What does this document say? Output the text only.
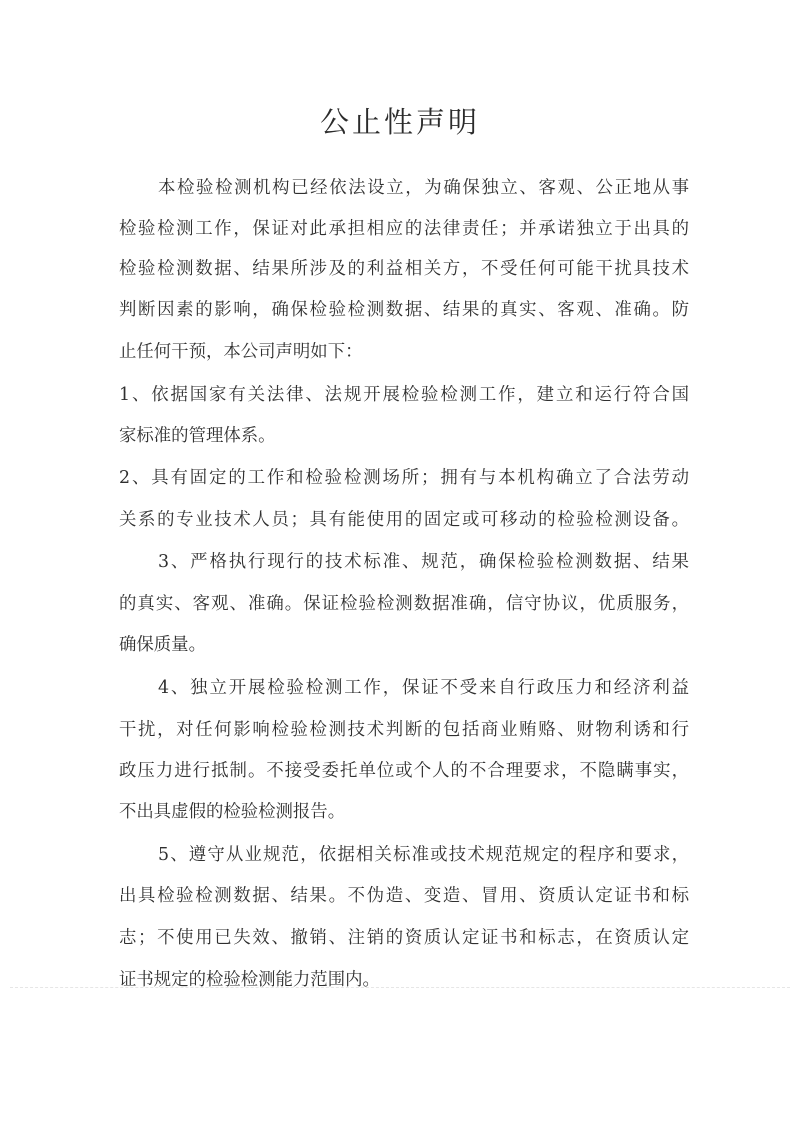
公止性声明

本检验检测机构已经依法设立，为确保独立、客观、公正地从事

检验检测工作，保证对此承担相应的法律责任；并承诺独立于出具的

检验检测数据、结果所涉及的利益相关方，不受任何可能干扰具技术

判断因素的影响，确保检验检测数据、结果的真实、客观、准确。防

止任何干预，本公司声明如下：

1、依据国家有关法律、法规开展检验检测工作，建立和运行符合国

家标准的管理体系。

2、具有固定的工作和检验检测场所；拥有与本机构确立了合法劳动

关系的专业技术人员；具有能使用的固定或可移动的检验检测设备。

3、严格执行现行的技术标准、规范，确保检验检测数据、结果

的真实、客观、准确。保证检验检测数据准确，信守协议，优质服务，

确保质量。

4、独立开展检验检测工作，保证不受来自行政压力和经济利益

干扰，对任何影响检验检测技术判断的包括商业贿赂、财物利诱和行

政压力进行抵制。不接受委托单位或个人的不合理要求，不隐瞒事实，

不出具虚假的检验检测报告。

5、遵守从业规范，依据相关标准或技术规范规定的程序和要求，

出具检验检测数据、结果。不伪造、变造、冒用、资质认定证书和标

志；不使用已失效、撤销、注销的资质认定证书和标志，在资质认定

证书规定的检验检测能力范围内。
